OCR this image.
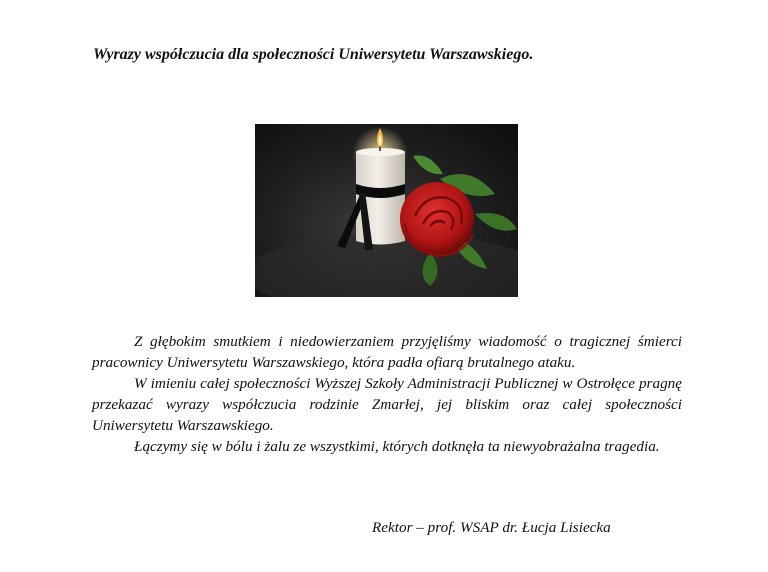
Wyrazy współczucia dla społeczności Uniwersytetu Warszawskiego.

Z głębokim smutkiem i niedowierzaniem przyjęliśmy wiadomość o tragicznej śmierci pracownicy Uniwersytetu Warszawskiego, która padła ofiarą brutalnego ataku.

W imieniu całej społeczności Wyższej Szkoły Administracji Publicznej w Ostrołęce pragnę przekazać wyrazy współczucia rodzinie Zmarłej, jej bliskim oraz całej społeczności Uniwersytetu Warszawskiego.

Łączymy się w bólu i żalu ze wszystkimi, których dotknęła ta niewyobrażalna tragedia.

Rektor – prof. WSAP dr. Łucja Lisiecka
